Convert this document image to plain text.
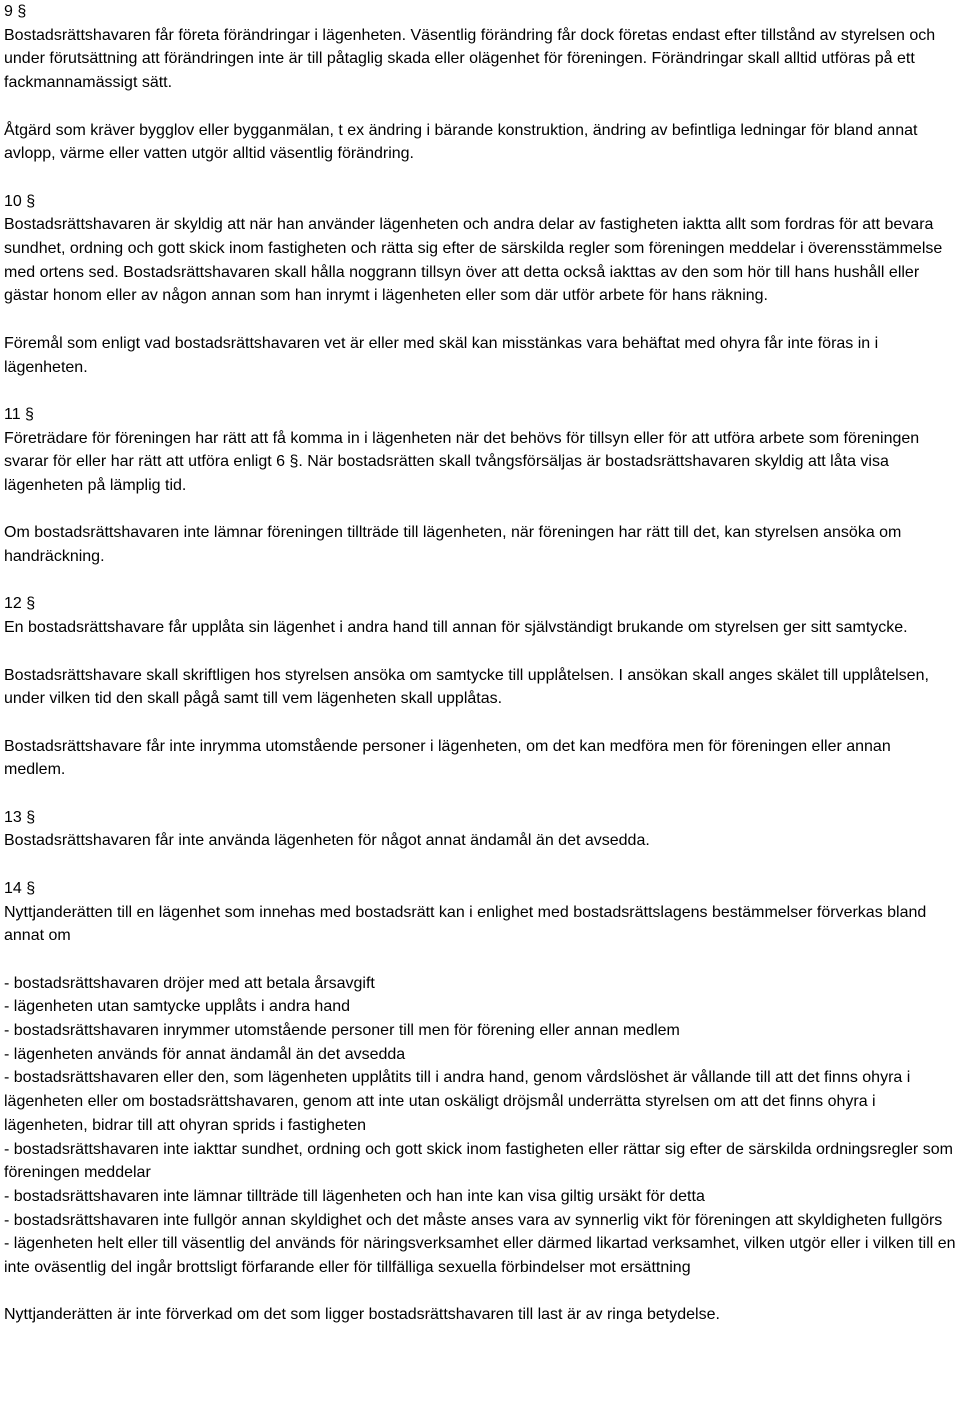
9 §

Bostadsrättshavaren får företa förändringar i lägenheten. Väsentlig förändring får dock företas endast efter tillstånd av styrelsen och under förutsättning att förändringen inte är till påtaglig skada eller olägenhet för föreningen. Förändringar skall alltid utföras på ett fackmannamässigt sätt.

Åtgärd som kräver bygglov eller bygganmälan, t ex ändring i bärande konstruktion, ändring av befintliga ledningar för bland annat avlopp, värme eller vatten utgör alltid väsentlig förändring.

10 §

Bostadsrättshavaren är skyldig att när han använder lägenheten och andra delar av fastigheten iaktta allt som fordras för att bevara sundhet, ordning och gott skick inom fastigheten och rätta sig efter de särskilda regler som föreningen meddelar i överensstämmelse med ortens sed. Bostadsrättshavaren skall hålla noggrann tillsyn över att detta också iakttas av den som hör till hans hushåll eller gästar honom eller av någon annan som han inrymt i lägenheten eller som där utför arbete för hans räkning.

Föremål som enligt vad bostadsrättshavaren vet är eller med skäl kan misstänkas vara behäftat med ohyra får inte föras in i lägenheten.

11 §

Företrädare för föreningen har rätt att få komma in i lägenheten när det behövs för tillsyn eller för att utföra arbete som föreningen svarar för eller har rätt att utföra enligt 6 §. När bostadsrätten skall tvångsförsäljas är bostadsrättshavaren skyldig att låta visa lägenheten på lämplig tid.

Om bostadsrättshavaren inte lämnar föreningen tillträde till lägenheten, när föreningen har rätt till det, kan styrelsen ansöka om handräckning.

12 §

En bostadsrättshavare får upplåta sin lägenhet i andra hand till annan för självständigt brukande om styrelsen ger sitt samtycke.

Bostadsrättshavare skall skriftligen hos styrelsen ansöka om samtycke till upplåtelsen. I ansökan skall anges skälet till upplåtelsen, under vilken tid den skall pågå samt till vem lägenheten skall upplåtas.

Bostadsrättshavare får inte inrymma utomstående personer i lägenheten, om det kan medföra men för föreningen eller annan medlem.

13 §

Bostadsrättshavaren får inte använda lägenheten för något annat ändamål än det avsedda.

14 §

Nyttjanderätten till en lägenhet som innehas med bostadsrätt kan i enlighet med bostadsrättslagens bestämmelser förverkas bland annat om

- bostadsrättshavaren dröjer med att betala årsavgift

- lägenheten utan samtycke upplåts i andra hand

- bostadsrättshavaren inrymmer utomstående personer till men för förening eller annan medlem

- lägenheten används för annat ändamål än det avsedda

- bostadsrättshavaren eller den, som lägenheten upplåtits till i andra hand, genom vårdslöshet är vållande till att det finns ohyra i lägenheten eller om bostadsrättshavaren, genom att inte utan oskäligt dröjsmål underrätta styrelsen om att det finns ohyra i lägenheten, bidrar till att ohyran sprids i fastigheten

- bostadsrättshavaren inte iakttar sundhet, ordning och gott skick inom fastigheten eller rättar sig efter de särskilda ordningsregler som föreningen meddelar

- bostadsrättshavaren inte lämnar tillträde till lägenheten och han inte kan visa giltig ursäkt för detta

- bostadsrättshavaren inte fullgör annan skyldighet och det måste anses vara av synnerlig vikt för föreningen att skyldigheten fullgörs

- lägenheten helt eller till väsentlig del används för näringsverksamhet eller därmed likartad verksamhet, vilken utgör eller i vilken till en inte oväsentlig del ingår brottsligt förfarande eller för tillfälliga sexuella förbindelser mot ersättning

Nyttjanderätten är inte förverkad om det som ligger bostadsrättshavaren till last är av ringa betydelse.
